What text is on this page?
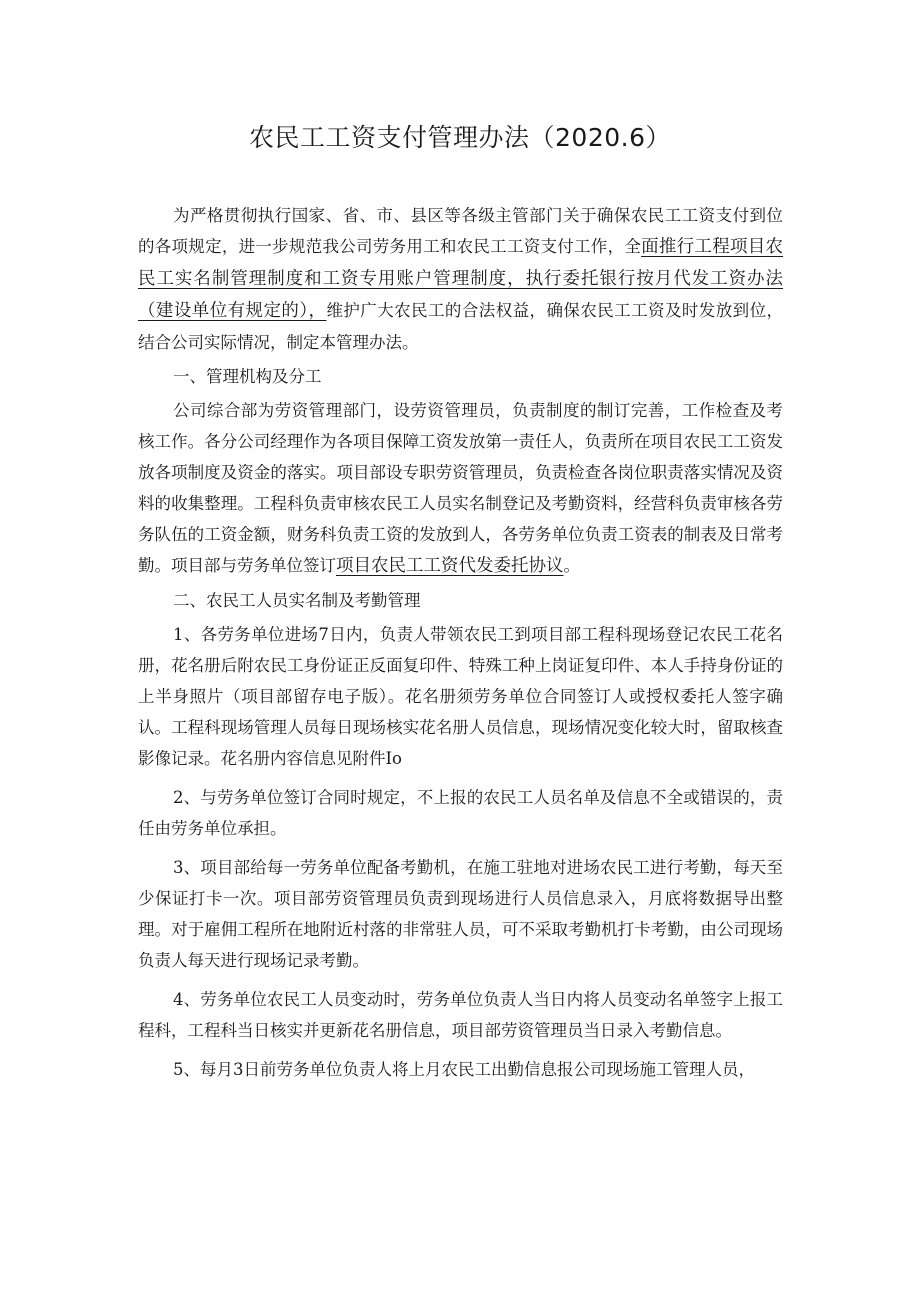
农民工工资支付管理办法（2020.6）

为严格贯彻执行国家、省、市、县区等各级主管部门关于确保农民工工资支付到位的各项规定，进一步规范我公司劳务用工和农民工工资支付工作，全面推行工程项目农民工实名制管理制度和工资专用账户管理制度，执行委托银行按月代发工资办法（建设单位有规定的），维护广大农民工的合法权益，确保农民工工资及时发放到位，结合公司实际情况，制定本管理办法。

一、管理机构及分工

公司综合部为劳资管理部门，设劳资管理员，负责制度的制订完善，工作检查及考核工作。各分公司经理作为各项目保障工资发放第一责任人，负责所在项目农民工工资发放各项制度及资金的落实。项目部设专职劳资管理员，负责检查各岗位职责落实情况及资料的收集整理。工程科负责审核农民工人员实名制登记及考勤资料，经营科负责审核各劳务队伍的工资金额，财务科负责工资的发放到人，各劳务单位负责工资表的制表及日常考勤。项目部与劳务单位签订项目农民工工资代发委托协议。

二、农民工人员实名制及考勤管理

1、各劳务单位进场7日内，负责人带领农民工到项目部工程科现场登记农民工花名册，花名册后附农民工身份证正反面复印件、特殊工种上岗证复印件、本人手持身份证的上半身照片（项目部留存电子版）。花名册须劳务单位合同签订人或授权委托人签字确认。工程科现场管理人员每日现场核实花名册人员信息，现场情况变化较大时，留取核查影像记录。花名册内容信息见附件Io

2、与劳务单位签订合同时规定，不上报的农民工人员名单及信息不全或错误的，责任由劳务单位承担。

3、项目部给每一劳务单位配备考勤机，在施工驻地对进场农民工进行考勤，每天至少保证打卡一次。项目部劳资管理员负责到现场进行人员信息录入，月底将数据导出整理。对于雇佣工程所在地附近村落的非常驻人员，可不采取考勤机打卡考勤，由公司现场负责人每天进行现场记录考勤。

4、劳务单位农民工人员变动时，劳务单位负责人当日内将人员变动名单签字上报工程科，工程科当日核实并更新花名册信息，项目部劳资管理员当日录入考勤信息。

5、每月3日前劳务单位负责人将上月农民工出勤信息报公司现场施工管理人员，
